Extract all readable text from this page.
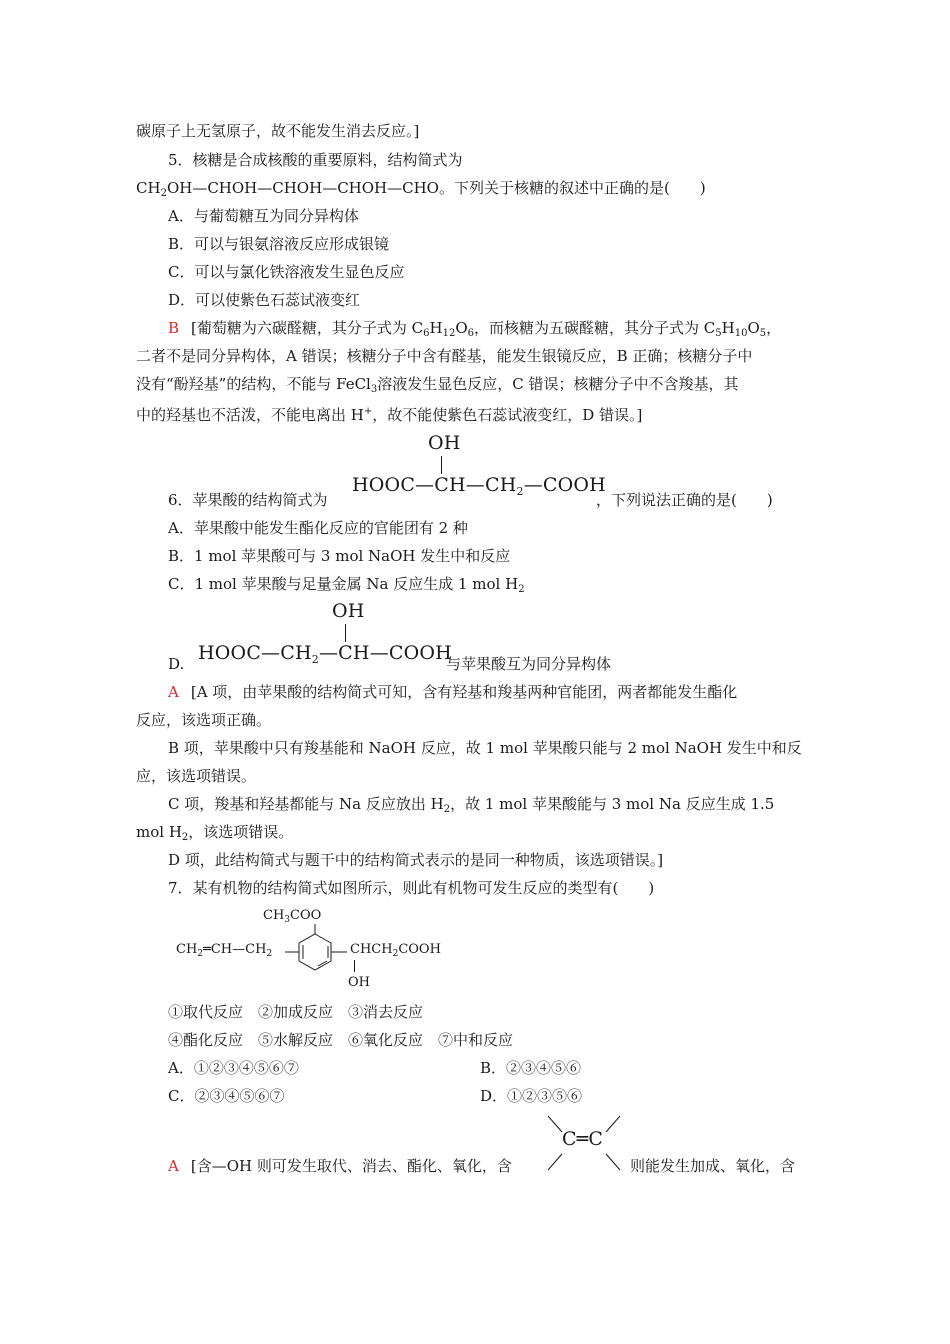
碳原子上无氢原子，故不能发生消去反应。]
5．核糖是合成核酸的重要原料，结构简式为
$CH_2OH—CHOH—CHOH—CHOH—CHO$。下列关于核糖的叙述中正确的是(　　)
A．与葡萄糖互为同分异构体
B．可以与银氨溶液反应形成银镜
C．可以与氯化铁溶液发生显色反应
D．可以使紫色石蕊试液变红
B [葡萄糖为六碳醛糖，其分子式为 $C_6H_{12}O_6$，而核糖为五碳醛糖，其分子式为 $C_5H_{10}O_5$，
二者不是同分异构体，A 错误；核糖分子中含有醛基，能发生银镜反应，B 正确；核糖分子中
没有“酚羟基”的结构，不能与 FeCl$_3$溶液发生显色反应，C 错误；核糖分子中不含羧基，其
中的羟基也不活泼，不能电离出 H+，故不能使紫色石蕊试液变红，D 错误。]
6．苹果酸的结构简式为
OH
$HOOC—CH—CH_2—COOH$
，下列说法正确的是(　　)
A．苹果酸中能发生酯化反应的官能团有 2 种
B．1 mol 苹果酸可与 3 mol NaOH 发生中和反应
C．1 mol 苹果酸与足量金属 Na 反应生成 1 mol $H_2$
D.
OH
$HOOC—CH_2—CH—COOH$
与苹果酸互为同分异构体
A [A 项，由苹果酸的结构简式可知，含有羟基和羧基两种官能团，两者都能发生酯化
反应，该选项正确。
B 项，苹果酸中只有羧基能和 NaOH 反应，故 1 mol 苹果酸只能与 2 mol NaOH 发生中和反
应，该选项错误。
C 项，羧基和羟基都能与 Na 反应放出 $H_2$，故 1 mol 苹果酸能与 3 mol Na 反应生成 1.5
mol $H_2$，该选项错误。
D 项，此结构简式与题干中的结构简式表示的是同一种物质，该选项错误。]
7．某有机物的结构简式如图所示，则此有机物可发生反应的类型有(　　)
$CH_3COO$
$CH_2═CH—CH_2$	$CHCH_2COOH$
OH
①取代反应　②加成反应　③消去反应
④酯化反应　⑤水解反应　⑥氧化反应　⑦中和反应
A．①②③④⑤⑥⑦	B．②③④⑤⑥
C．②③④⑤⑥⑦	D．①②③⑤⑥
A [含—OH 则可发生取代、消去、酯化、氧化，含
C═C
则能发生加成、氧化，含
